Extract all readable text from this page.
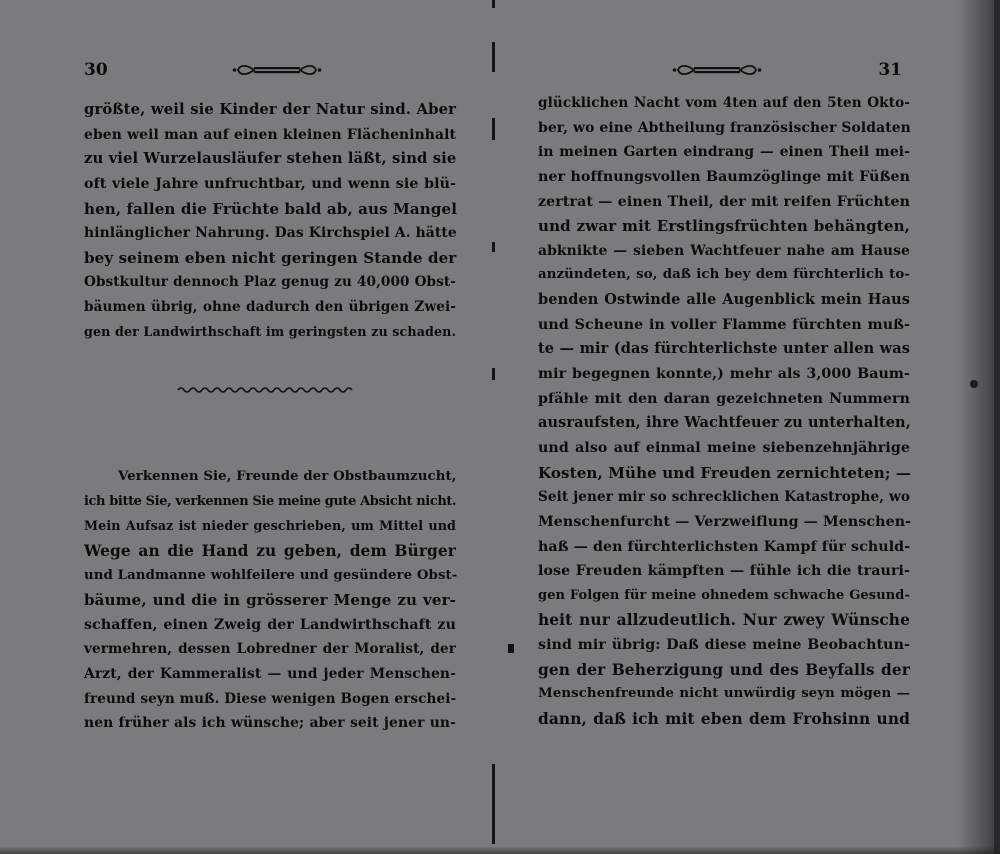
30
größte, weil sie Kinder der Natur sind. Aber
eben weil man auf einen kleinen Flächeninhalt
zu viel Wurzelausläufer stehen läßt, sind sie
oft viele Jahre unfruchtbar, und wenn sie blü-
hen, fallen die Früchte bald ab, aus Mangel
hinlänglicher Nahrung. Das Kirchspiel A. hätte
bey seinem eben nicht geringen Stande der
Obstkultur dennoch Plaz genug zu 40,000 Obst-
bäumen übrig, ohne dadurch den übrigen Zwei-
gen der Landwirthschaft im geringsten zu schaden.
Verkennen Sie, Freunde der Obstbaumzucht,
ich bitte Sie, verkennen Sie meine gute Absicht nicht.
Mein Aufsaz ist nieder geschrieben, um Mittel und
Wege an die Hand zu geben, dem Bürger
und Landmanne wohlfeilere und gesündere Obst-
bäume, und die in grösserer Menge zu ver-
schaffen, einen Zweig der Landwirthschaft zu
vermehren, dessen Lobredner der Moralist, der
Arzt, der Kammeralist — und jeder Menschen-
freund seyn muß. Diese wenigen Bogen erschei-
nen früher als ich wünsche; aber seit jener un-
31
glücklichen Nacht vom 4ten auf den 5ten Okto-
ber, wo eine Abtheilung französischer Soldaten
in meinen Garten eindrang — einen Theil mei-
ner hoffnungsvollen Baumzöglinge mit Füßen
zertrat — einen Theil, der mit reifen Früchten
und zwar mit Erstlingsfrüchten behängten,
abknikte — sieben Wachtfeuer nahe am Hause
anzündeten, so, daß ich bey dem fürchterlich to-
benden Ostwinde alle Augenblick mein Haus
und Scheune in voller Flamme fürchten muß-
te — mir (das fürchterlichste unter allen was
mir begegnen konnte,) mehr als 3,000 Baum-
pfähle mit den daran gezeichneten Nummern
ausraufsten, ihre Wachtfeuer zu unterhalten,
und also auf einmal meine siebenzehnjährige
Kosten, Mühe und Freuden zernichteten; —
Seit jener mir so schrecklichen Katastrophe, wo
Menschenfurcht — Verzweiflung — Menschen-
haß — den fürchterlichsten Kampf für schuld-
lose Freuden kämpften — fühle ich die trauri-
gen Folgen für meine ohnedem schwache Gesund-
heit nur allzudeutlich. Nur zwey Wünsche
sind mir übrig: Daß diese meine Beobachtun-
gen der Beherzigung und des Beyfalls der
Menschenfreunde nicht unwürdig seyn mögen —
dann, daß ich mit eben dem Frohsinn und
